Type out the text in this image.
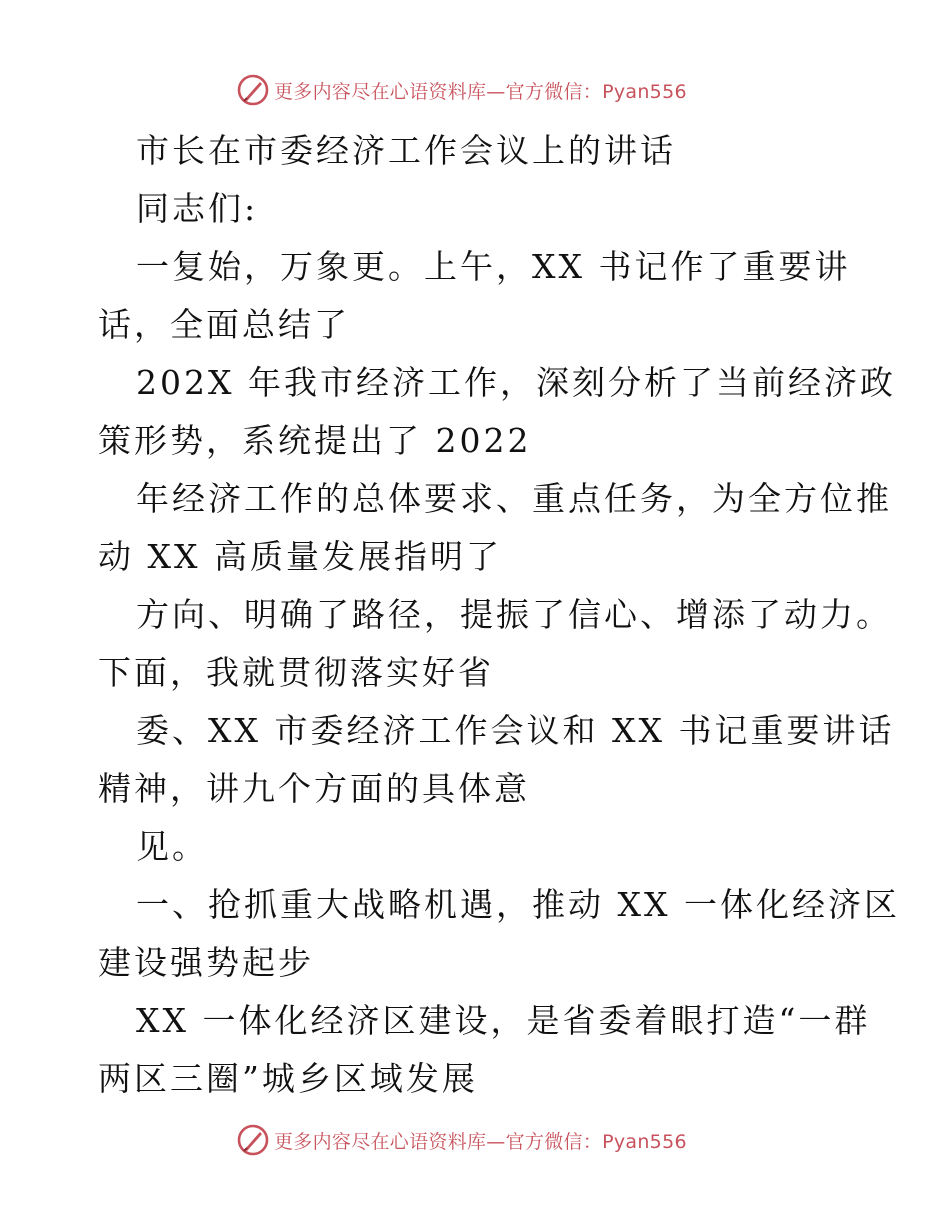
更多内容尽在心语资料库—官方微信：Pyan556
市长在市委经济工作会议上的讲话
同志们:
一复始，万象更。上午，XX 书记作了重要讲
话，全面总结了
202X 年我市经济工作，深刻分析了当前经济政
策形势，系统提出了 2022
年经济工作的总体要求、重点任务，为全方位推
动 XX 高质量发展指明了
方向、明确了路径，提振了信心、增添了动力。
下面，我就贯彻落实好省
委、XX 市委经济工作会议和 XX 书记重要讲话
精神，讲九个方面的具体意
见。
一、抢抓重大战略机遇，推动 XX 一体化经济区
建设强势起步
XX 一体化经济区建设，是省委着眼打造“一群
两区三圈”城乡区域发展
更多内容尽在心语资料库—官方微信：Pyan556
